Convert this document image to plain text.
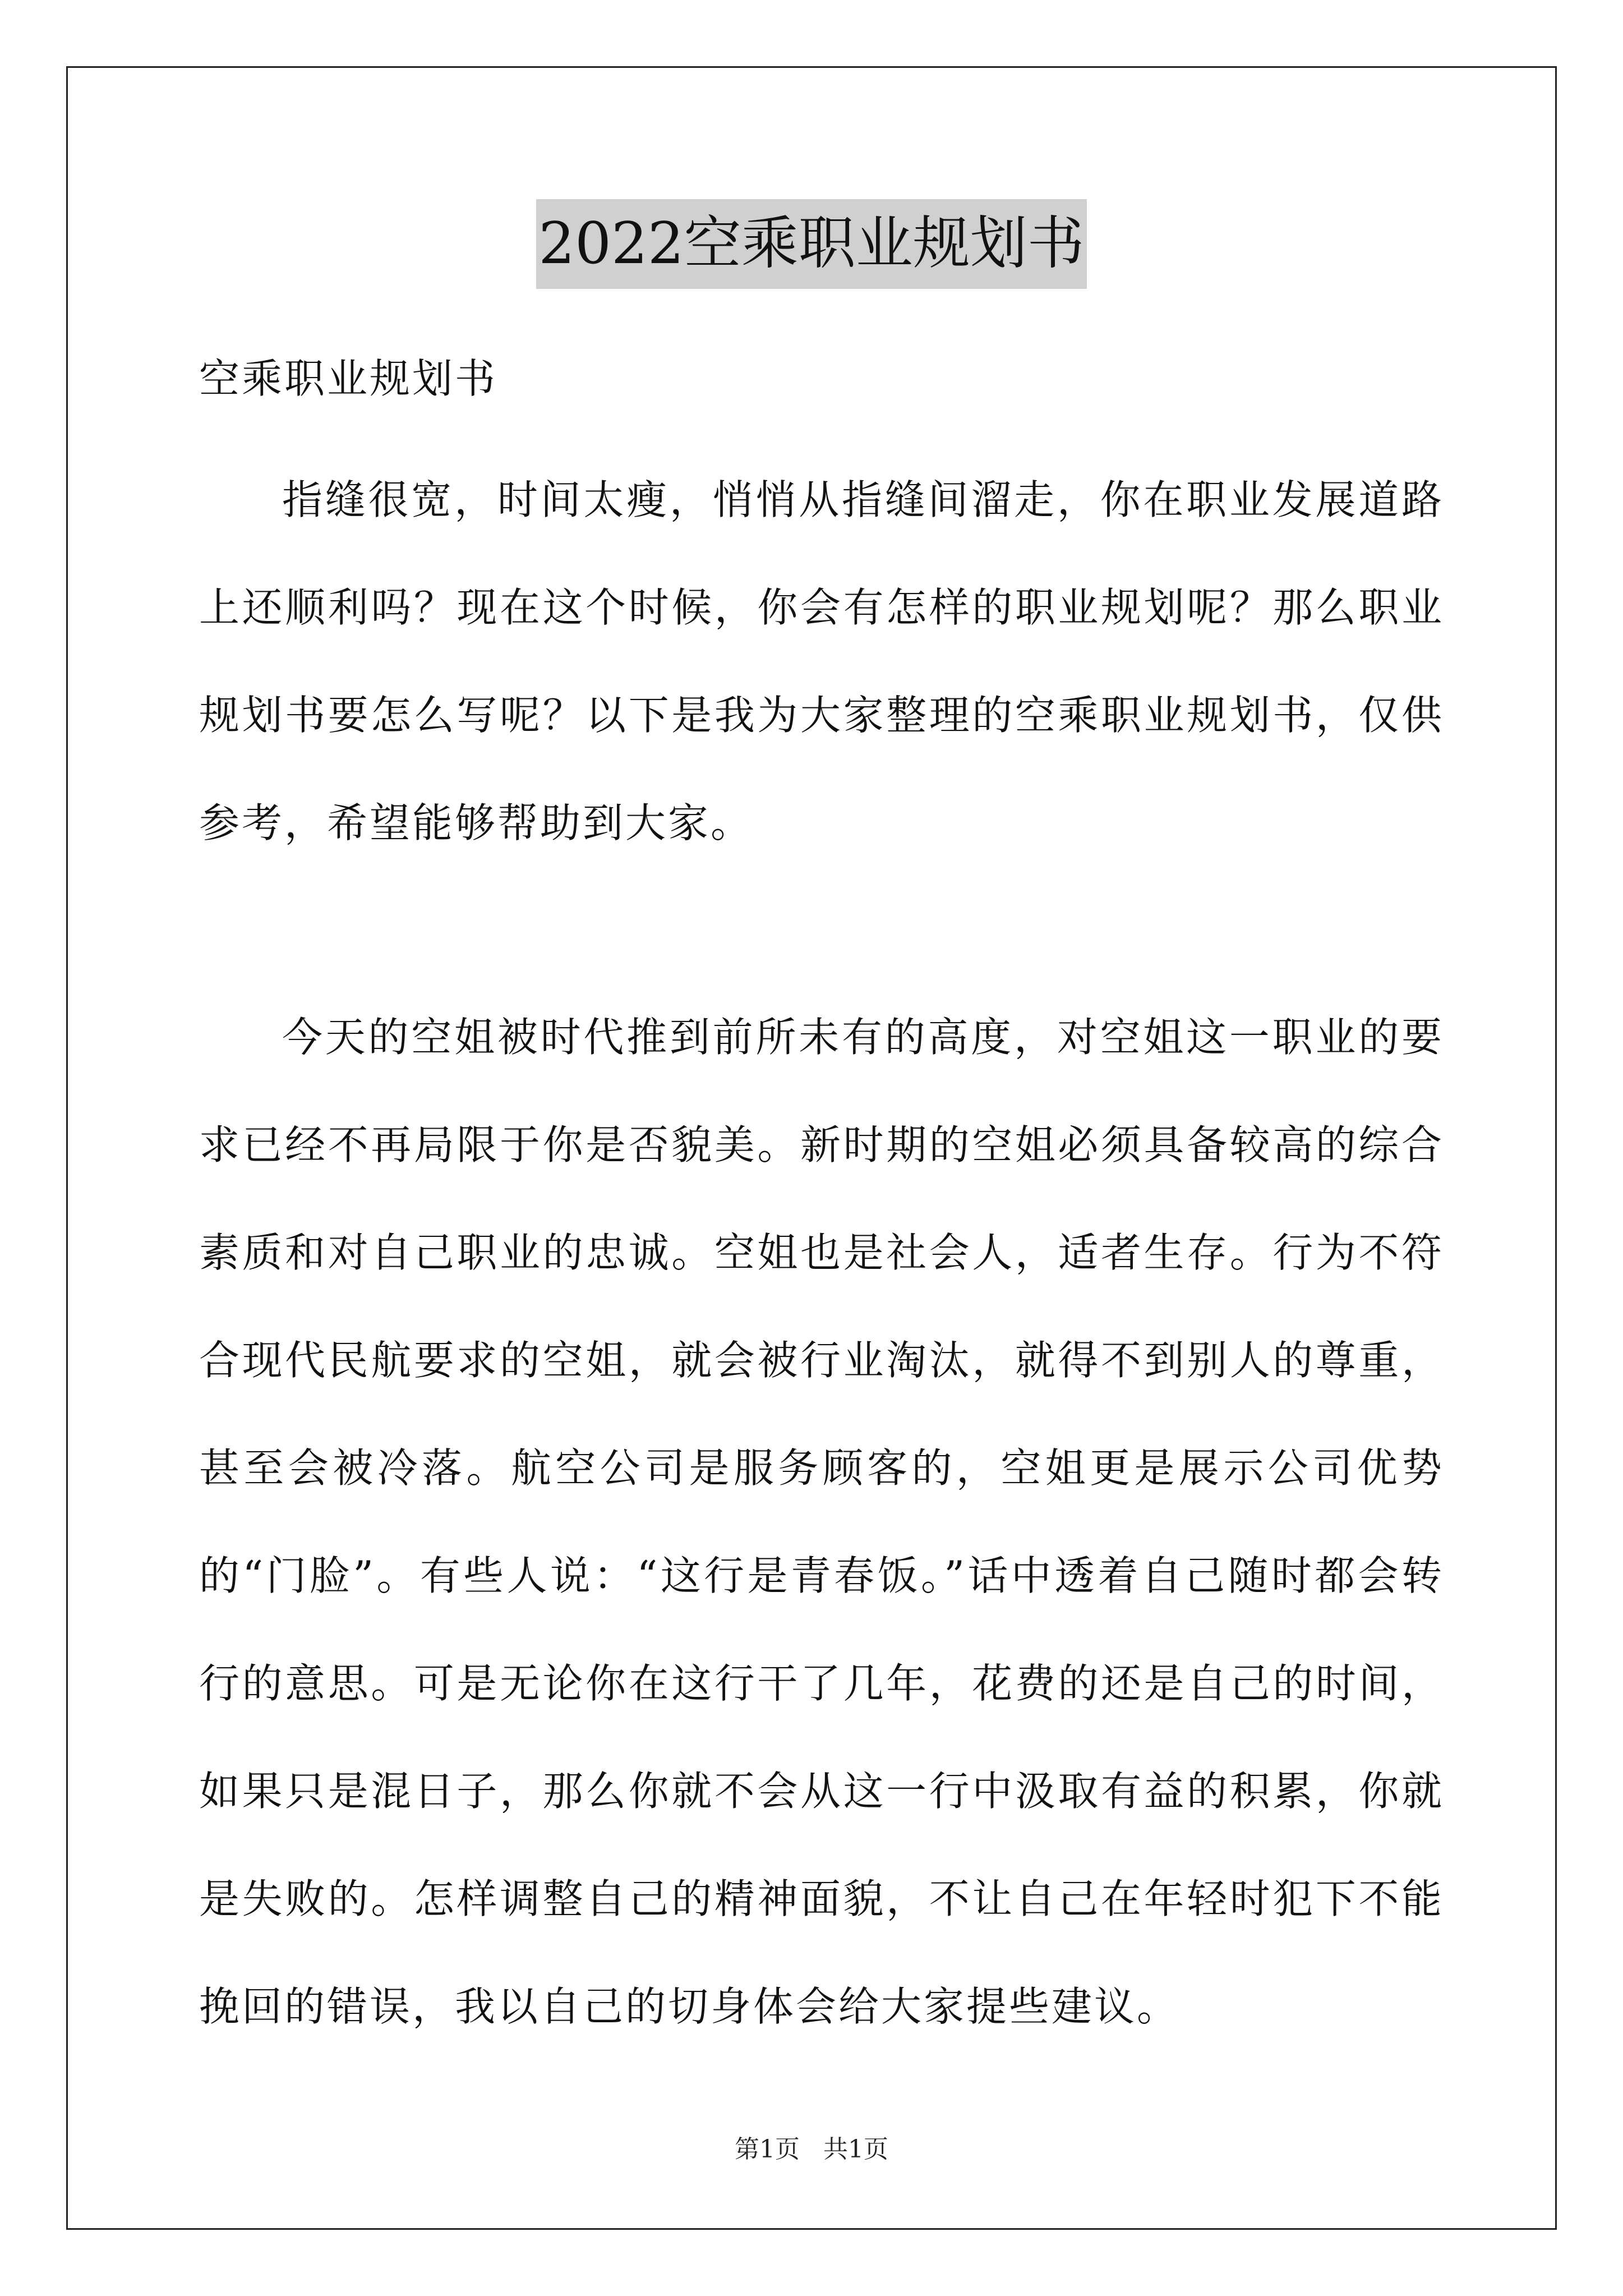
2022空乘职业规划书
空乘职业规划书

指缝很宽，时间太瘦，悄悄从指缝间溜走，你在职业发展道路上还顺利吗？现在这个时候，你会有怎样的职业规划呢？那么职业规划书要怎么写呢？以下是我为大家整理的空乘职业规划书，仅供参考，希望能够帮助到大家。

今天的空姐被时代推到前所未有的高度，对空姐这一职业的要求已经不再局限于你是否貌美。新时期的空姐必须具备较高的综合素质和对自己职业的忠诚。空姐也是社会人，适者生存。行为不符合现代民航要求的空姐，就会被行业淘汰，就得不到别人的尊重，甚至会被冷落。航空公司是服务顾客的，空姐更是展示公司优势的“门脸”。有些人说：“这行是青春饭。”话中透着自己随时都会转行的意思。可是无论你在这行干了几年，花费的还是自己的时间，如果只是混日子，那么你就不会从这一行中汲取有益的积累，你就是失败的。怎样调整自己的精神面貌，不让自己在年轻时犯下不能挽回的错误，我以自己的切身体会给大家提些建议。

第1页   共1页
